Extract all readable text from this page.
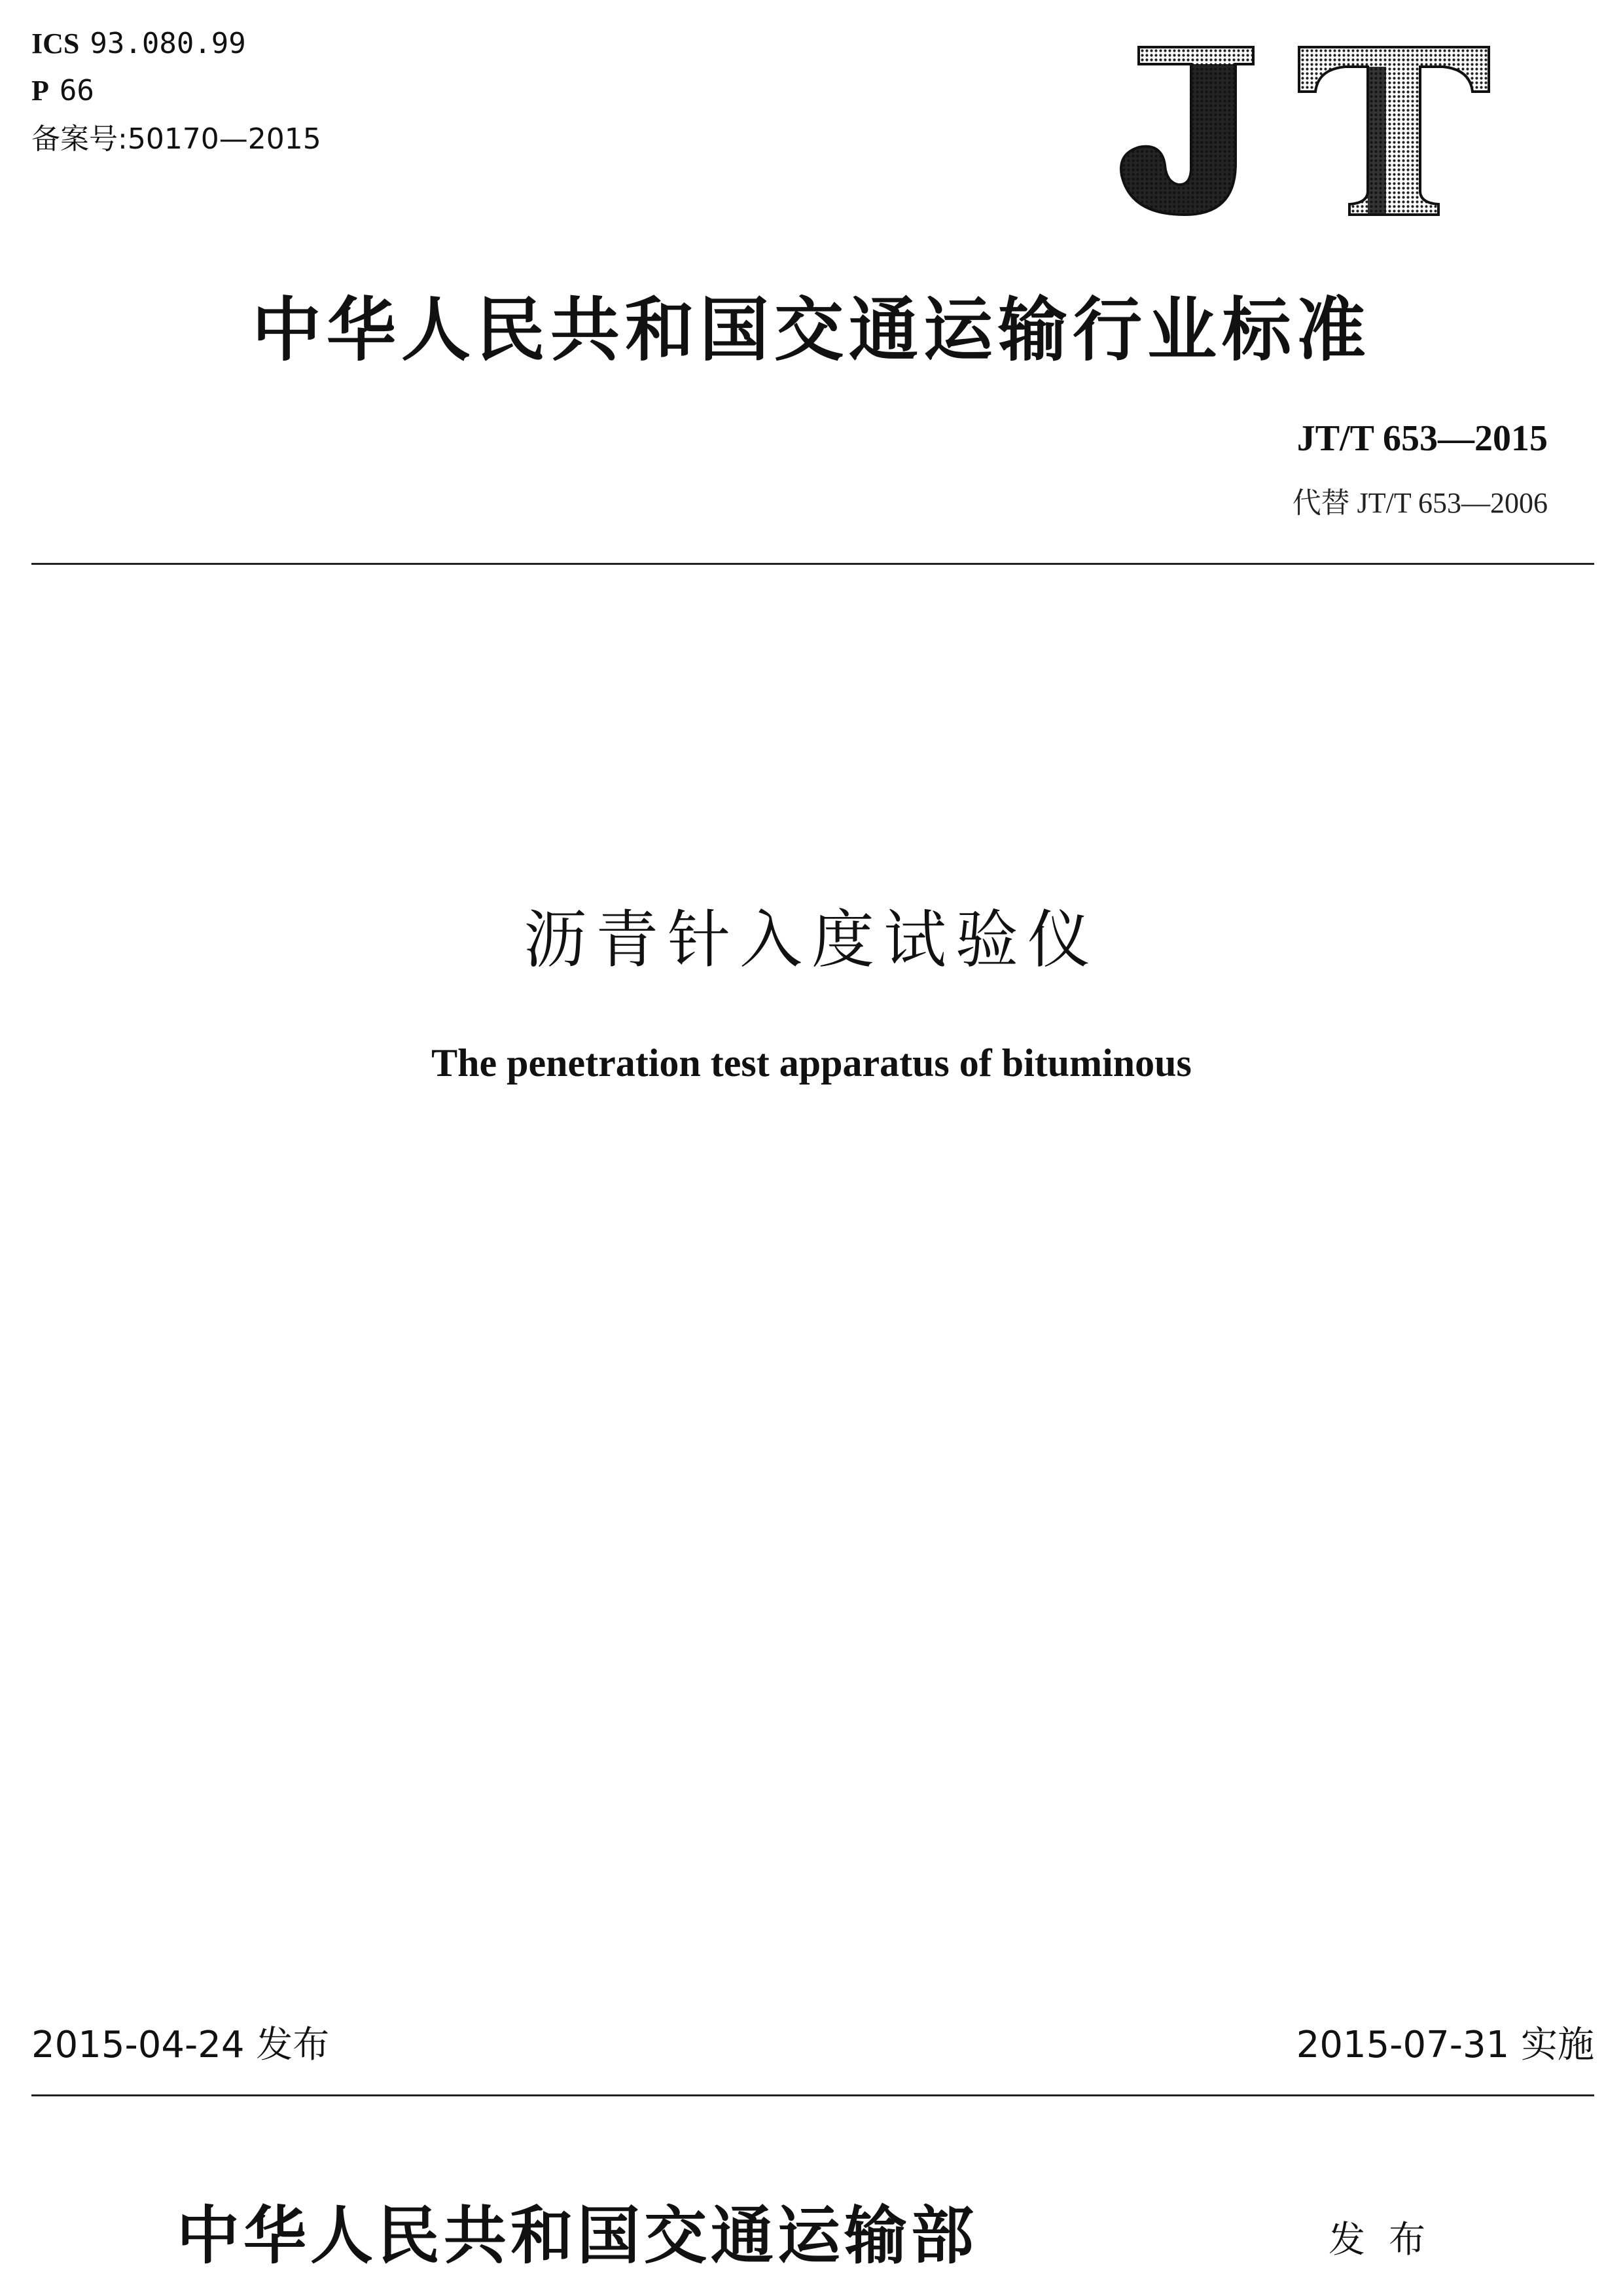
ICS 93.080.99
P 66
备案号:50170—2015
中华人民共和国交通运输行业标准
JT/T 653—2015
代替 JT/T 653—2006
沥青针入度试验仪
The penetration test apparatus of bituminous
2015-04-24 发布	2015-07-31 实施
中华人民共和国交通运输部	发布
